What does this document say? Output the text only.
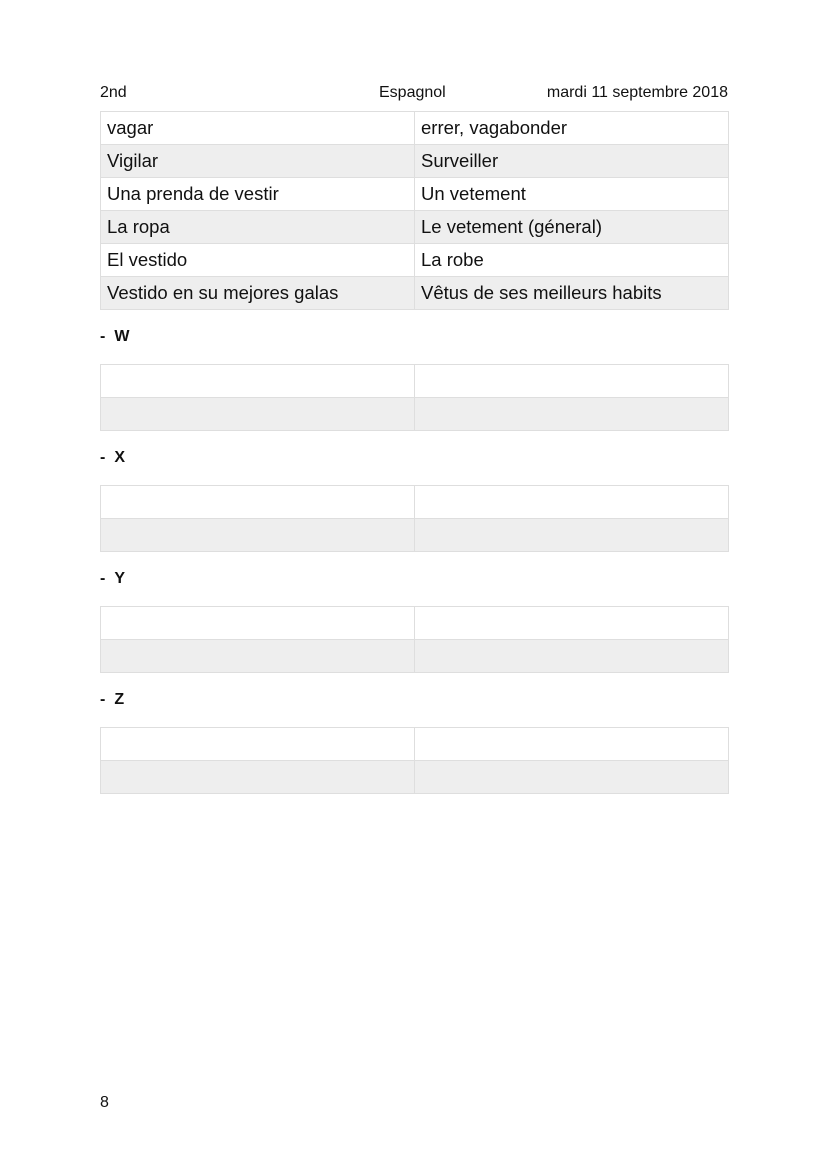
2nd	Espagnol	mardi 11 septembre 2018
vagar	errer, vagabonder
Vigilar	Surveiller
Una prenda de vestir	Un vetement
La ropa	Le vetement (géneral)
El vestido	La robe
Vestido en su mejores galas	Vêtus de ses meilleurs habits
- W

- X

- Y

- Z

8
